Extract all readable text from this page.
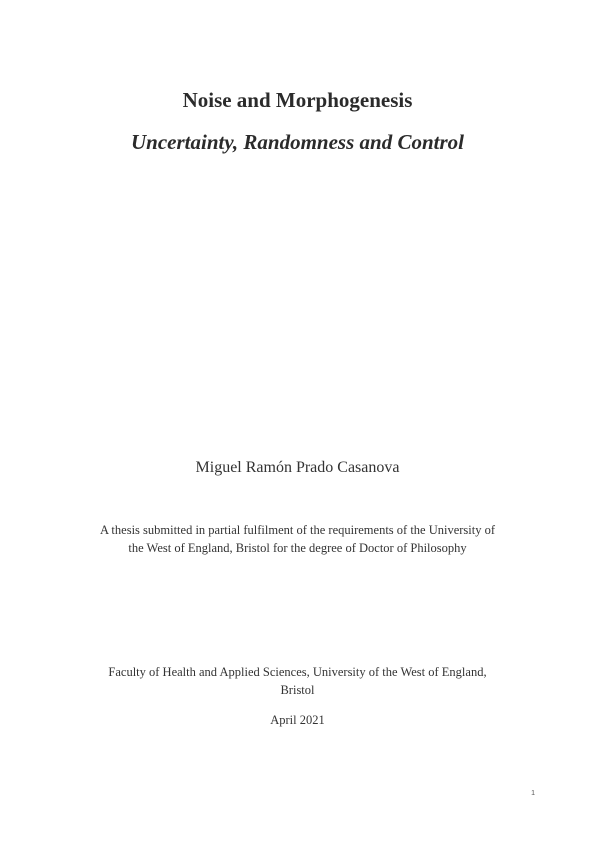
Noise and Morphogenesis
Uncertainty, Randomness and Control

Miguel Ramón Prado Casanova

A thesis submitted in partial fulfilment of the requirements of the University of
the West of England, Bristol for the degree of Doctor of Philosophy
Faculty of Health and Applied Sciences, University of the West of England,
Bristol

April 2021

1
